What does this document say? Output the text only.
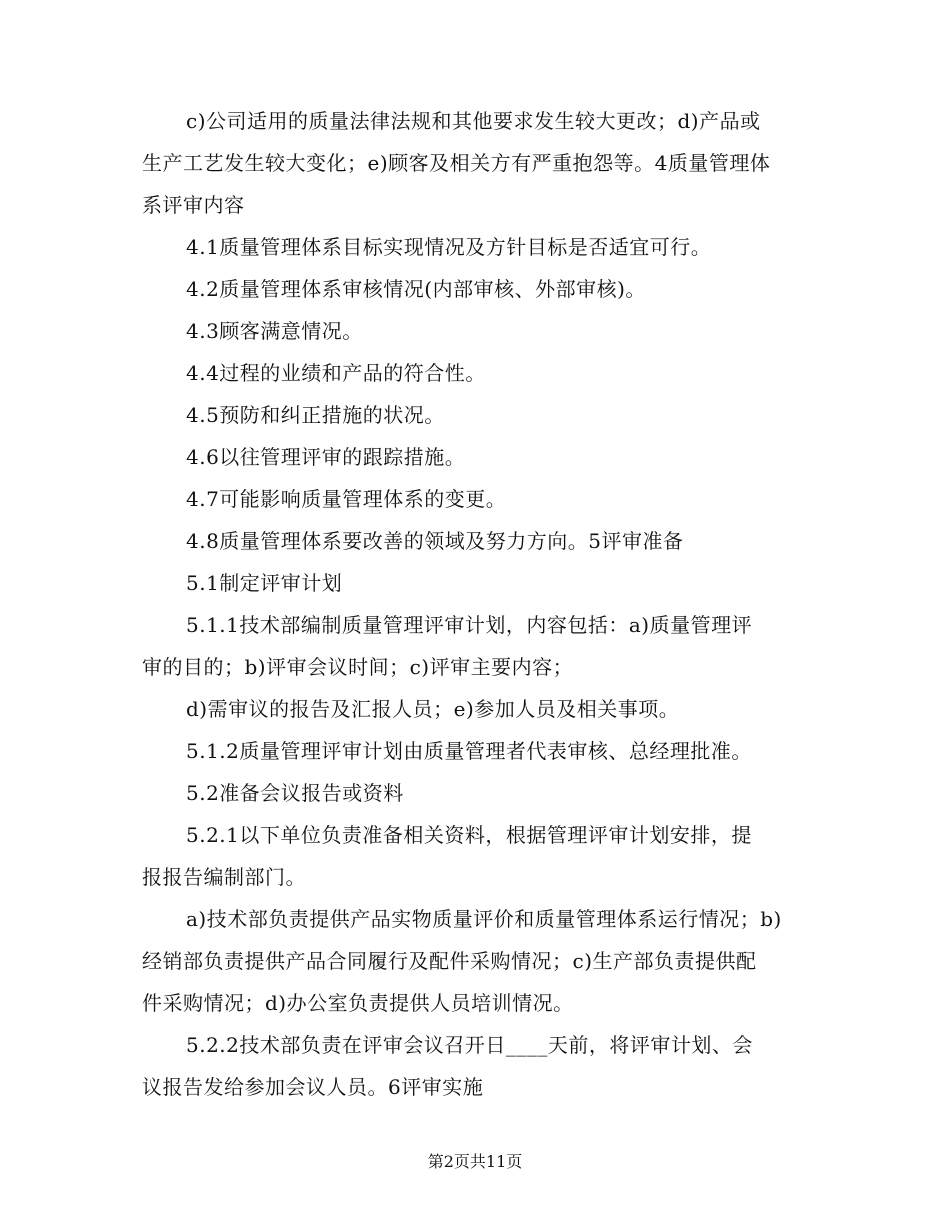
c)公司适用的质量法律法规和其他要求发生较大更改；d)产品或
生产工艺发生较大变化；e)顾客及相关方有严重抱怨等。4质量管理体
系评审内容
4.1质量管理体系目标实现情况及方针目标是否适宜可行。
4.2质量管理体系审核情况(内部审核、外部审核)。
4.3顾客满意情况。
4.4过程的业绩和产品的符合性。
4.5预防和纠正措施的状况。
4.6以往管理评审的跟踪措施。
4.7可能影响质量管理体系的变更。
4.8质量管理体系要改善的领域及努力方向。5评审准备
5.1制定评审计划
5.1.1技术部编制质量管理评审计划，内容包括：a)质量管理评
审的目的；b)评审会议时间；c)评审主要内容；
d)需审议的报告及汇报人员；e)参加人员及相关事项。
5.1.2质量管理评审计划由质量管理者代表审核、总经理批准。
5.2准备会议报告或资料
5.2.1以下单位负责准备相关资料，根据管理评审计划安排，提
报报告编制部门。
a)技术部负责提供产品实物质量评价和质量管理体系运行情况；b)
经销部负责提供产品合同履行及配件采购情况；c)生产部负责提供配
件采购情况；d)办公室负责提供人员培训情况。
5.2.2技术部负责在评审会议召开日____天前，将评审计划、会
议报告发给参加会议人员。6评审实施
第2页共11页
